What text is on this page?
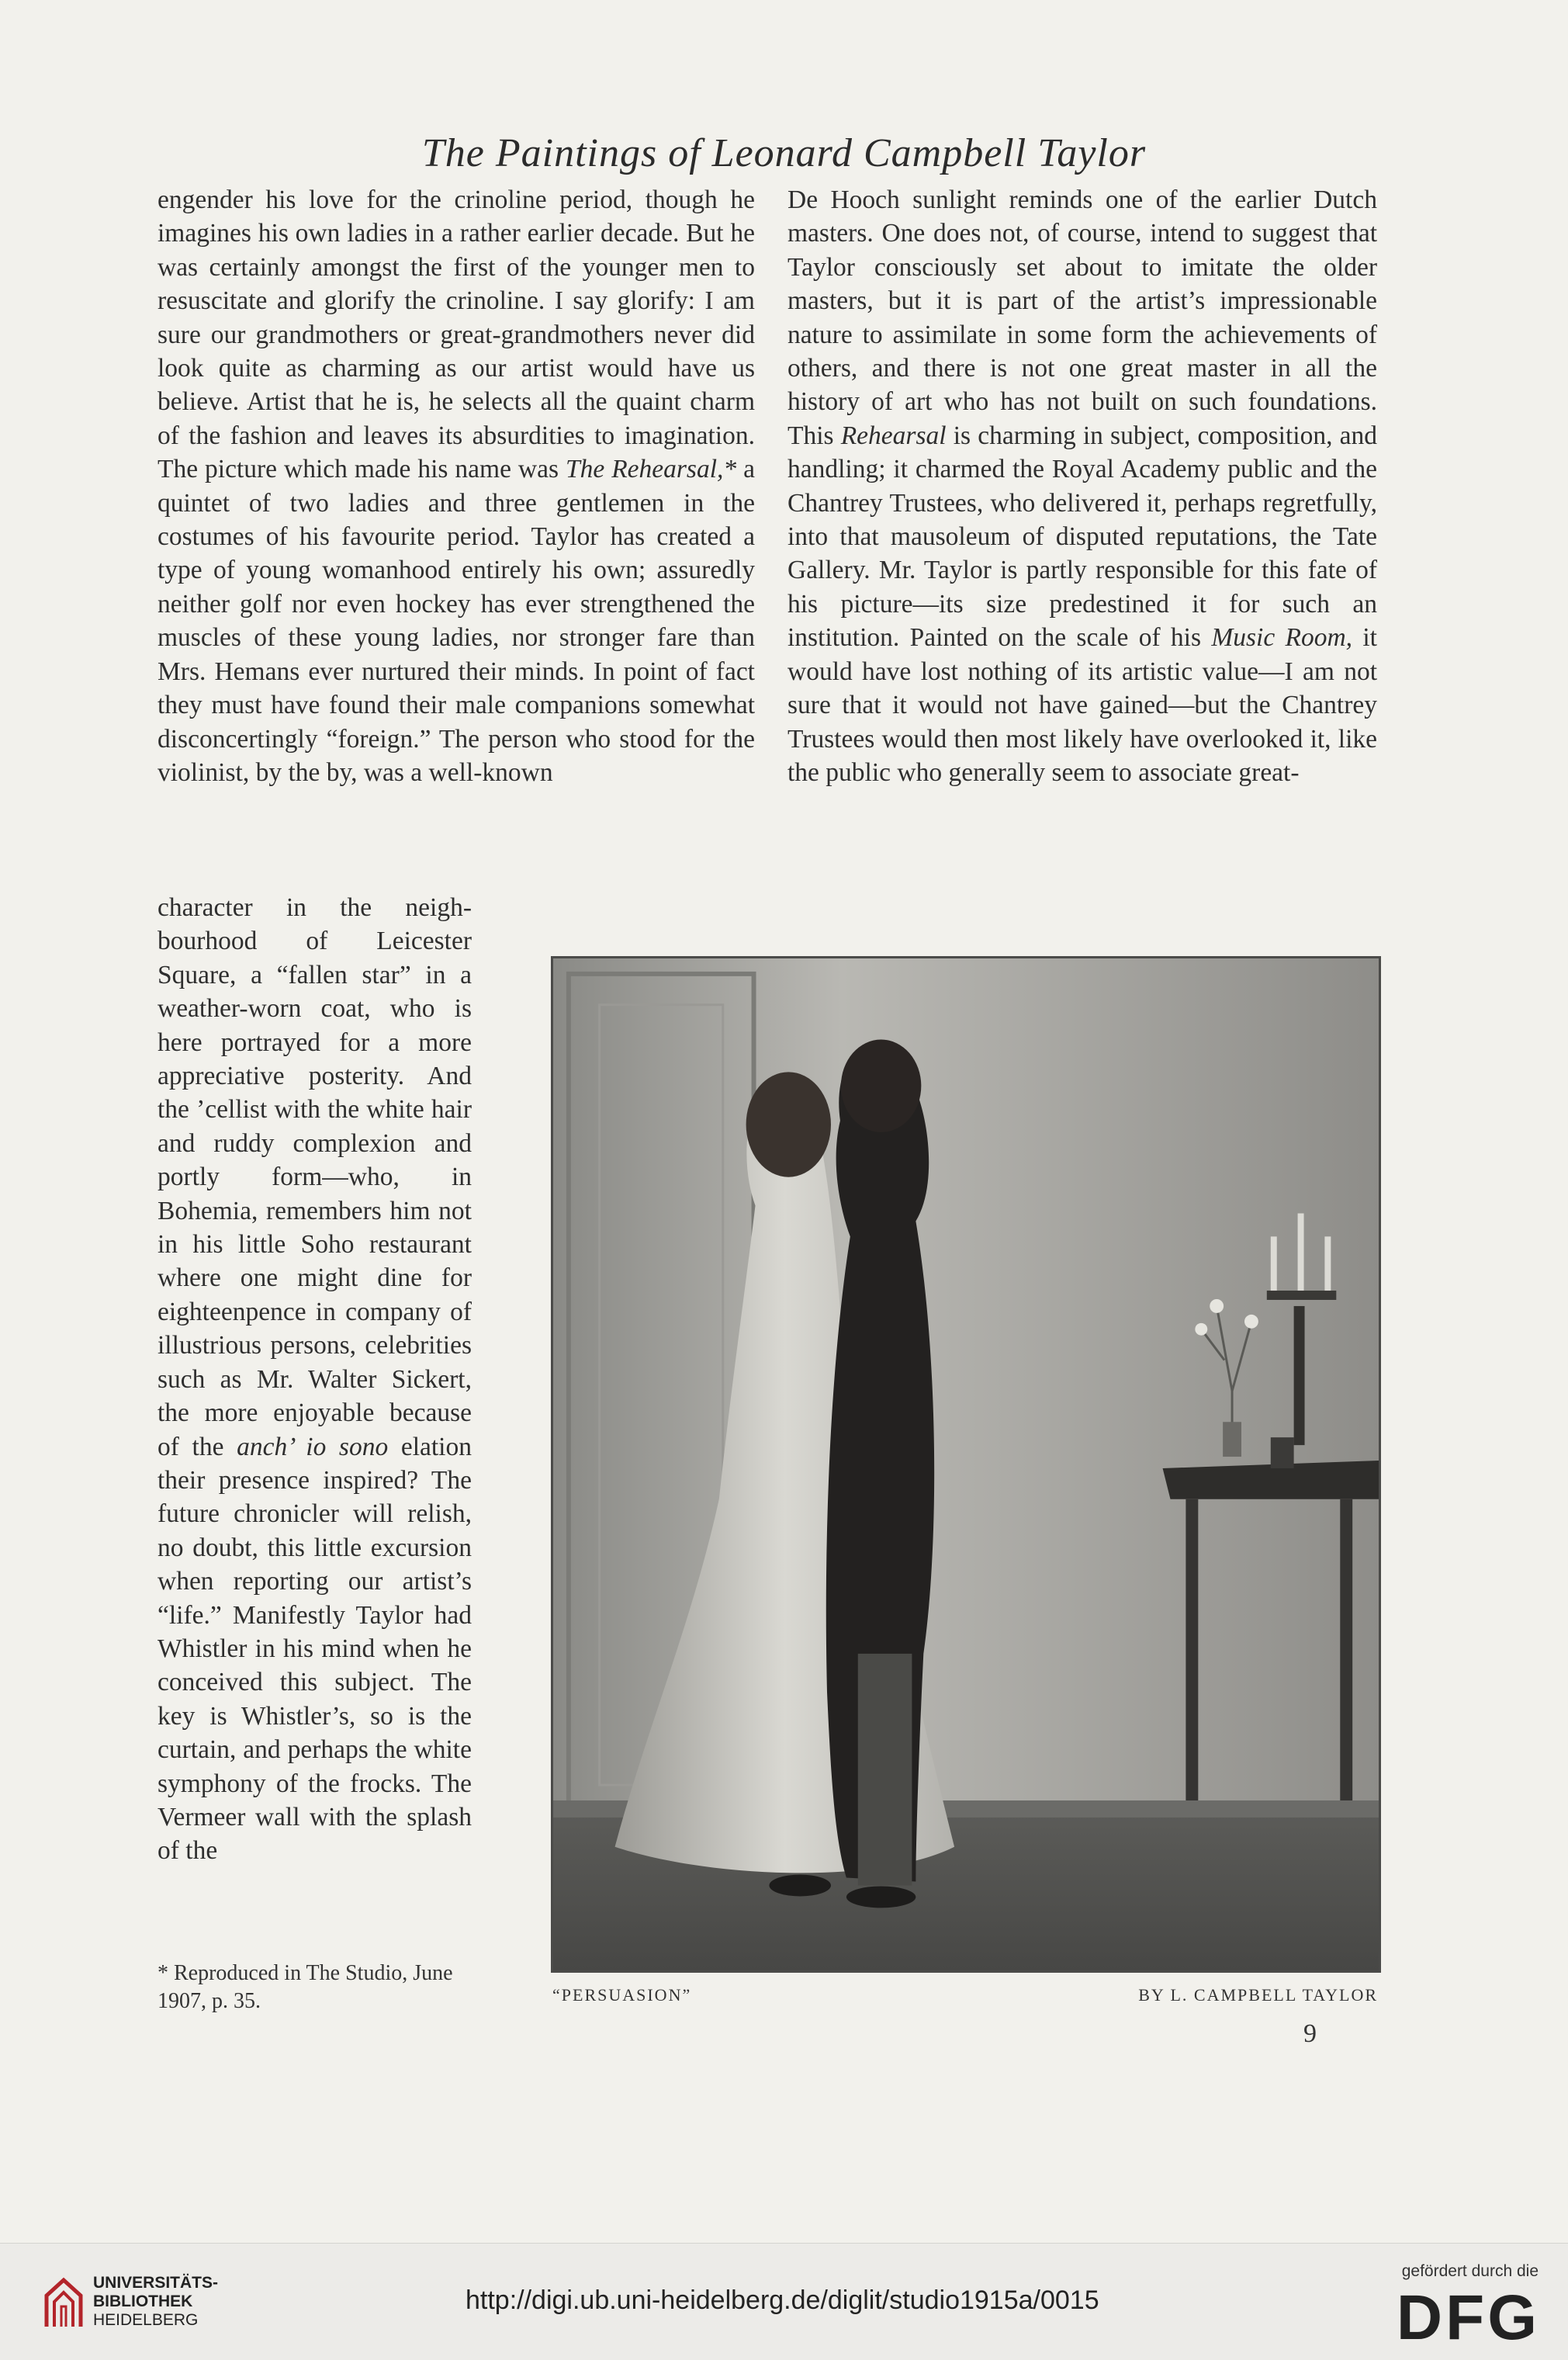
The Paintings of Leonard Campbell Taylor

engender his love for the crinoline period, though he imagines his own ladies in a rather earlier decade. But he was certainly amongst the first of the younger men to resuscitate and glorify the crinoline. I say glorify: I am sure our grandmothers or great-grandmothers never did look quite as charming as our artist would have us believe. Artist that he is, he selects all the quaint charm of the fashion and leaves its absurdities to imagination. The picture which made his name was The Rehearsal,* a quintet of two ladies and three gentlemen in the costumes of his favourite period. Taylor has created a type of young womanhood entirely his own; assuredly neither golf nor even hockey has ever strengthened the muscles of these young ladies, nor stronger fare than Mrs. Hemans ever nurtured their minds. In point of fact they must have found their male companions somewhat disconcertingly “foreign.” The person who stood for the violinist, by the by, was a well-known

character in the neighbourhood of Leicester Square, a “fallen star” in a weather-worn coat, who is here portrayed for a more appreciative posterity. And the ’cellist with the white hair and ruddy complexion and portly form—who, in Bohemia, remembers him not in his little Soho restaurant where one might dine for eighteenpence in company of illustrious persons, celebrities such as Mr. Walter Sickert, the more enjoyable because of the anch’ io sono elation their presence inspired? The future chronicler will relish, no doubt, this little excursion when reporting our artist’s “life.” Manifestly Taylor had Whistler in his mind when he conceived this subject. The key is Whistler’s, so is the curtain, and perhaps the white symphony of the frocks. The Vermeer wall with the splash of the

De Hooch sunlight reminds one of the earlier Dutch masters. One does not, of course, intend to suggest that Taylor consciously set about to imitate the older masters, but it is part of the artist’s impressionable nature to assimilate in some form the achievements of others, and there is not one great master in all the history of art who has not built on such foundations. This Rehearsal is charming in subject, composition, and handling; it charmed the Royal Academy public and the Chantrey Trustees, who delivered it, perhaps regretfully, into that mausoleum of disputed reputations, the Tate Gallery. Mr. Taylor is partly responsible for this fate of his picture—its size predestined it for such an institution. Painted on the scale of his Music Room, it would have lost nothing of its artistic value—I am not sure that it would not have gained—but the Chantrey Trustees would then most likely have overlooked it, like the public who generally seem to associate great-

“PERSUASION”	BY L. CAMPBELL TAYLOR
* Reproduced in The Studio, June 1907, p. 35.
9
UNIVERSITÄTS-
BIBLIOTHEK
HEIDELBERG
http://digi.ub.uni-heidelberg.de/diglit/studio1915a/0015
gefördert durch die
DFG
